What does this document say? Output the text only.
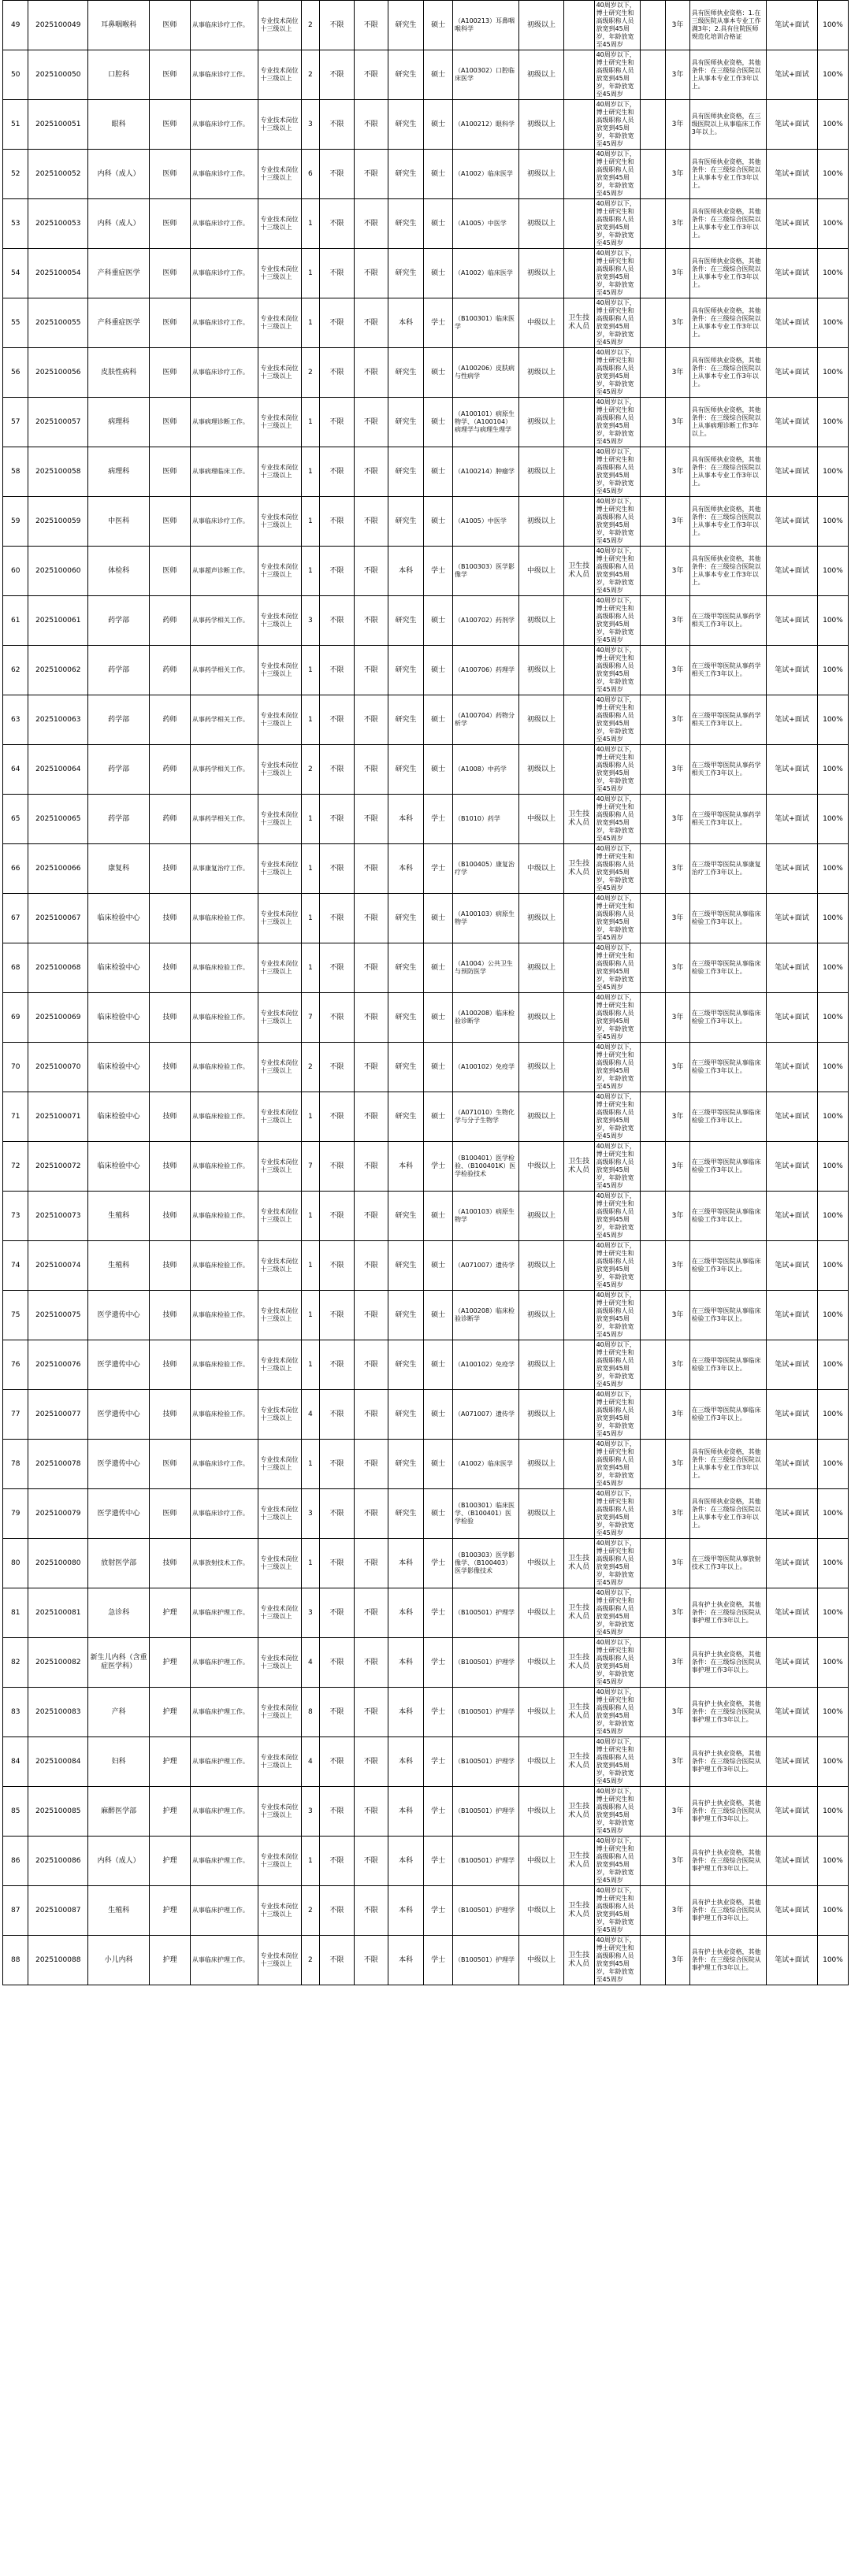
49	2025100049	耳鼻咽喉科	医师	从事临床诊疗工作。	专业技术岗位十三级以上	2	不限	不限	研究生	硕士	（A100213）耳鼻咽喉科学	初级以上		40周岁以下，博士研究生和高级职称人员放宽到45周岁，年龄放宽至45周岁		3年	具有医师执业资格：1.在三级医院从事本专业工作满3年；2.具有住院医师规范化培训合格证	笔试+面试	100%
50	2025100050	口腔科	医师	从事临床诊疗工作。	专业技术岗位十三级以上	2	不限	不限	研究生	硕士	（A100302）口腔临床医学	初级以上		40周岁以下，博士研究生和高级职称人员放宽到45周岁，年龄放宽至45周岁		3年	具有医师执业资格，其他条件：在三级综合医院以上从事本专业工作3年以上。	笔试+面试	100%
51	2025100051	眼科	医师	从事临床诊疗工作。	专业技术岗位十三级以上	3	不限	不限	研究生	硕士	（A100212）眼科学	初级以上		40周岁以下，博士研究生和高级职称人员放宽到45周岁，年龄放宽至45周岁		3年	具有医师执业资格，在三级医院以上从事临床工作3年以上。	笔试+面试	100%
52	2025100052	内科（成人）	医师	从事临床诊疗工作。	专业技术岗位十三级以上	6	不限	不限	研究生	硕士	（A1002）临床医学	初级以上		40周岁以下，博士研究生和高级职称人员放宽到45周岁，年龄放宽至45周岁		3年	具有医师执业资格，其他条件：在三级综合医院以上从事本专业工作3年以上。	笔试+面试	100%
53	2025100053	内科（成人）	医师	从事临床诊疗工作。	专业技术岗位十三级以上	1	不限	不限	研究生	硕士	（A1005）中医学	初级以上		40周岁以下，博士研究生和高级职称人员放宽到45周岁，年龄放宽至45周岁		3年	具有医师执业资格，其他条件：在三级综合医院以上从事本专业工作3年以上。	笔试+面试	100%
54	2025100054	产科重症医学	医师	从事临床诊疗工作。	专业技术岗位十三级以上	1	不限	不限	研究生	硕士	（A1002）临床医学	初级以上		40周岁以下，博士研究生和高级职称人员放宽到45周岁，年龄放宽至45周岁		3年	具有医师执业资格，其他条件：在三级综合医院以上从事本专业工作3年以上。	笔试+面试	100%
55	2025100055	产科重症医学	医师	从事临床诊疗工作。	专业技术岗位十三级以上	1	不限	不限	本科	学士	（B100301）临床医学	中级以上	卫生技术人员	40周岁以下，博士研究生和高级职称人员放宽到45周岁，年龄放宽至45周岁		3年	具有医师执业资格，其他条件：在三级综合医院以上从事本专业工作3年以上。	笔试+面试	100%
56	2025100056	皮肤性病科	医师	从事临床诊疗工作。	专业技术岗位十三级以上	2	不限	不限	研究生	硕士	（A100206）皮肤病与性病学	初级以上		40周岁以下，博士研究生和高级职称人员放宽到45周岁，年龄放宽至45周岁		3年	具有医师执业资格，其他条件：在三级综合医院以上从事本专业工作3年以上。	笔试+面试	100%
57	2025100057	病理科	医师	从事病理诊断工作。	专业技术岗位十三级以上	1	不限	不限	研究生	硕士	（A100101）病原生物学、（A100104）病理学与病理生理学	初级以上		40周岁以下，博士研究生和高级职称人员放宽到45周岁，年龄放宽至45周岁		3年	具有医师执业资格，其他条件：在三级综合医院以上从事病理诊断工作3年以上。	笔试+面试	100%
58	2025100058	病理科	医师	从事病理临床工作。	专业技术岗位十三级以上	1	不限	不限	研究生	硕士	（A100214）肿瘤学	初级以上		40周岁以下，博士研究生和高级职称人员放宽到45周岁，年龄放宽至45周岁		3年	具有医师执业资格，其他条件：在三级综合医院以上从事本专业工作3年以上。	笔试+面试	100%
59	2025100059	中医科	医师	从事临床诊疗工作。	专业技术岗位十三级以上	1	不限	不限	研究生	硕士	（A1005）中医学	初级以上		40周岁以下，博士研究生和高级职称人员放宽到45周岁，年龄放宽至45周岁		3年	具有医师执业资格，其他条件：在三级综合医院以上从事本专业工作3年以上。	笔试+面试	100%
60	2025100060	体检科	医师	从事超声诊断工作。	专业技术岗位十三级以上	1	不限	不限	本科	学士	（B100303）医学影像学	中级以上	卫生技术人员	40周岁以下，博士研究生和高级职称人员放宽到45周岁，年龄放宽至45周岁		3年	具有医师执业资格，其他条件：在三级综合医院以上从事本专业工作3年以上。	笔试+面试	100%
61	2025100061	药学部	药师	从事药学相关工作。	专业技术岗位十三级以上	3	不限	不限	研究生	硕士	（A100702）药剂学	初级以上		40周岁以下，博士研究生和高级职称人员放宽到45周岁，年龄放宽至45周岁		3年	在三级甲等医院从事药学相关工作3年以上。	笔试+面试	100%
62	2025100062	药学部	药师	从事药学相关工作。	专业技术岗位十三级以上	1	不限	不限	研究生	硕士	（A100706）药理学	初级以上		40周岁以下，博士研究生和高级职称人员放宽到45周岁，年龄放宽至45周岁		3年	在三级甲等医院从事药学相关工作3年以上。	笔试+面试	100%
63	2025100063	药学部	药师	从事药学相关工作。	专业技术岗位十三级以上	1	不限	不限	研究生	硕士	（A100704）药物分析学	初级以上		40周岁以下，博士研究生和高级职称人员放宽到45周岁，年龄放宽至45周岁		3年	在三级甲等医院从事药学相关工作3年以上。	笔试+面试	100%
64	2025100064	药学部	药师	从事药学相关工作。	专业技术岗位十三级以上	2	不限	不限	研究生	硕士	（A1008）中药学	初级以上		40周岁以下，博士研究生和高级职称人员放宽到45周岁，年龄放宽至45周岁		3年	在三级甲等医院从事药学相关工作3年以上。	笔试+面试	100%
65	2025100065	药学部	药师	从事药学相关工作。	专业技术岗位十三级以上	1	不限	不限	本科	学士	（B1010）药学	中级以上	卫生技术人员	40周岁以下，博士研究生和高级职称人员放宽到45周岁，年龄放宽至45周岁		3年	在三级甲等医院从事药学相关工作3年以上。	笔试+面试	100%
66	2025100066	康复科	技师	从事康复治疗工作。	专业技术岗位十三级以上	1	不限	不限	本科	学士	（B100405）康复治疗学	中级以上	卫生技术人员	40周岁以下，博士研究生和高级职称人员放宽到45周岁，年龄放宽至45周岁		3年	在三级甲等医院从事康复治疗工作3年以上。	笔试+面试	100%
67	2025100067	临床检验中心	技师	从事临床检验工作。	专业技术岗位十三级以上	1	不限	不限	研究生	硕士	（A100103）病原生物学	初级以上		40周岁以下，博士研究生和高级职称人员放宽到45周岁，年龄放宽至45周岁		3年	在三级甲等医院从事临床检验工作3年以上。	笔试+面试	100%
68	2025100068	临床检验中心	技师	从事临床检验工作。	专业技术岗位十三级以上	1	不限	不限	研究生	硕士	（A1004）公共卫生与预防医学	初级以上		40周岁以下，博士研究生和高级职称人员放宽到45周岁，年龄放宽至45周岁		3年	在三级甲等医院从事临床检验工作3年以上。	笔试+面试	100%
69	2025100069	临床检验中心	技师	从事临床检验工作。	专业技术岗位十三级以上	7	不限	不限	研究生	硕士	（A100208）临床检验诊断学	初级以上		40周岁以下，博士研究生和高级职称人员放宽到45周岁，年龄放宽至45周岁		3年	在三级甲等医院从事临床检验工作3年以上。	笔试+面试	100%
70	2025100070	临床检验中心	技师	从事临床检验工作。	专业技术岗位十三级以上	2	不限	不限	研究生	硕士	（A100102）免疫学	初级以上		40周岁以下，博士研究生和高级职称人员放宽到45周岁，年龄放宽至45周岁		3年	在三级甲等医院从事临床检验工作3年以上。	笔试+面试	100%
71	2025100071	临床检验中心	技师	从事临床检验工作。	专业技术岗位十三级以上	1	不限	不限	研究生	硕士	（A071010）生物化学与分子生物学	初级以上		40周岁以下，博士研究生和高级职称人员放宽到45周岁，年龄放宽至45周岁		3年	在三级甲等医院从事临床检验工作3年以上。	笔试+面试	100%
72	2025100072	临床检验中心	技师	从事临床检验工作。	专业技术岗位十三级以上	7	不限	不限	本科	学士	（B100401）医学检验、（B100401K）医学检验技术	中级以上	卫生技术人员	40周岁以下，博士研究生和高级职称人员放宽到45周岁，年龄放宽至45周岁		3年	在三级甲等医院从事临床检验工作3年以上。	笔试+面试	100%
73	2025100073	生殖科	技师	从事临床检验工作。	专业技术岗位十三级以上	1	不限	不限	研究生	硕士	（A100103）病原生物学	初级以上		40周岁以下，博士研究生和高级职称人员放宽到45周岁，年龄放宽至45周岁		3年	在三级甲等医院从事临床检验工作3年以上。	笔试+面试	100%
74	2025100074	生殖科	技师	从事临床检验工作。	专业技术岗位十三级以上	1	不限	不限	研究生	硕士	（A071007）遗传学	初级以上		40周岁以下，博士研究生和高级职称人员放宽到45周岁，年龄放宽至45周岁		3年	在三级甲等医院从事临床检验工作3年以上。	笔试+面试	100%
75	2025100075	医学遗传中心	技师	从事临床检验工作。	专业技术岗位十三级以上	1	不限	不限	研究生	硕士	（A100208）临床检验诊断学	初级以上		40周岁以下，博士研究生和高级职称人员放宽到45周岁，年龄放宽至45周岁		3年	在三级甲等医院从事临床检验工作3年以上。	笔试+面试	100%
76	2025100076	医学遗传中心	技师	从事临床检验工作。	专业技术岗位十三级以上	1	不限	不限	研究生	硕士	（A100102）免疫学	初级以上		40周岁以下，博士研究生和高级职称人员放宽到45周岁，年龄放宽至45周岁		3年	在三级甲等医院从事临床检验工作3年以上。	笔试+面试	100%
77	2025100077	医学遗传中心	技师	从事临床检验工作。	专业技术岗位十三级以上	4	不限	不限	研究生	硕士	（A071007）遗传学	初级以上		40周岁以下，博士研究生和高级职称人员放宽到45周岁，年龄放宽至45周岁		3年	在三级甲等医院从事临床检验工作3年以上。	笔试+面试	100%
78	2025100078	医学遗传中心	医师	从事临床诊疗工作。	专业技术岗位十三级以上	1	不限	不限	研究生	硕士	（A1002）临床医学	初级以上		40周岁以下，博士研究生和高级职称人员放宽到45周岁，年龄放宽至45周岁		3年	具有医师执业资格，其他条件：在三级综合医院以上从事本专业工作3年以上。	笔试+面试	100%
79	2025100079	医学遗传中心	医师	从事临床诊疗工作。	专业技术岗位十三级以上	3	不限	不限	研究生	硕士	（B100301）临床医学、（B100401）医学检验	初级以上		40周岁以下，博士研究生和高级职称人员放宽到45周岁，年龄放宽至45周岁		3年	具有医师执业资格，其他条件：在三级综合医院以上从事本专业工作3年以上。	笔试+面试	100%
80	2025100080	放射医学部	技师	从事放射技术工作。	专业技术岗位十三级以上	1	不限	不限	本科	学士	（B100303）医学影像学、（B100403）医学影像技术	中级以上	卫生技术人员	40周岁以下，博士研究生和高级职称人员放宽到45周岁，年龄放宽至45周岁		3年	在三级甲等医院从事放射技术工作3年以上。	笔试+面试	100%
81	2025100081	急诊科	护理	从事临床护理工作。	专业技术岗位十三级以上	3	不限	不限	本科	学士	（B100501）护理学	中级以上	卫生技术人员	40周岁以下，博士研究生和高级职称人员放宽到45周岁，年龄放宽至45周岁		3年	具有护士执业资格，其他条件：在三级综合医院从事护理工作3年以上。	笔试+面试	100%
82	2025100082	新生儿内科（含重症医学科）	护理	从事临床护理工作。	专业技术岗位十三级以上	4	不限	不限	本科	学士	（B100501）护理学	中级以上	卫生技术人员	40周岁以下，博士研究生和高级职称人员放宽到45周岁，年龄放宽至45周岁		3年	具有护士执业资格，其他条件：在三级综合医院从事护理工作3年以上。	笔试+面试	100%
83	2025100083	产科	护理	从事临床护理工作。	专业技术岗位十三级以上	8	不限	不限	本科	学士	（B100501）护理学	中级以上	卫生技术人员	40周岁以下，博士研究生和高级职称人员放宽到45周岁，年龄放宽至45周岁		3年	具有护士执业资格，其他条件：在三级综合医院从事护理工作3年以上。	笔试+面试	100%
84	2025100084	妇科	护理	从事临床护理工作。	专业技术岗位十三级以上	4	不限	不限	本科	学士	（B100501）护理学	中级以上	卫生技术人员	40周岁以下，博士研究生和高级职称人员放宽到45周岁，年龄放宽至45周岁		3年	具有护士执业资格，其他条件：在三级综合医院从事护理工作3年以上。	笔试+面试	100%
85	2025100085	麻醉医学部	护理	从事临床护理工作。	专业技术岗位十三级以上	3	不限	不限	本科	学士	（B100501）护理学	中级以上	卫生技术人员	40周岁以下，博士研究生和高级职称人员放宽到45周岁，年龄放宽至45周岁		3年	具有护士执业资格，其他条件：在三级综合医院从事护理工作3年以上。	笔试+面试	100%
86	2025100086	内科（成人）	护理	从事临床护理工作。	专业技术岗位十三级以上	1	不限	不限	本科	学士	（B100501）护理学	中级以上	卫生技术人员	40周岁以下，博士研究生和高级职称人员放宽到45周岁，年龄放宽至45周岁		3年	具有护士执业资格，其他条件：在三级综合医院从事护理工作3年以上。	笔试+面试	100%
87	2025100087	生殖科	护理	从事临床护理工作。	专业技术岗位十三级以上	2	不限	不限	本科	学士	（B100501）护理学	中级以上	卫生技术人员	40周岁以下，博士研究生和高级职称人员放宽到45周岁，年龄放宽至45周岁		3年	具有护士执业资格，其他条件：在三级综合医院从事护理工作3年以上。	笔试+面试	100%
88	2025100088	小儿内科	护理	从事临床护理工作。	专业技术岗位十三级以上	2	不限	不限	本科	学士	（B100501）护理学	中级以上	卫生技术人员	40周岁以下，博士研究生和高级职称人员放宽到45周岁，年龄放宽至45周岁		3年	具有护士执业资格，其他条件：在三级综合医院从事护理工作3年以上。	笔试+面试	100%
